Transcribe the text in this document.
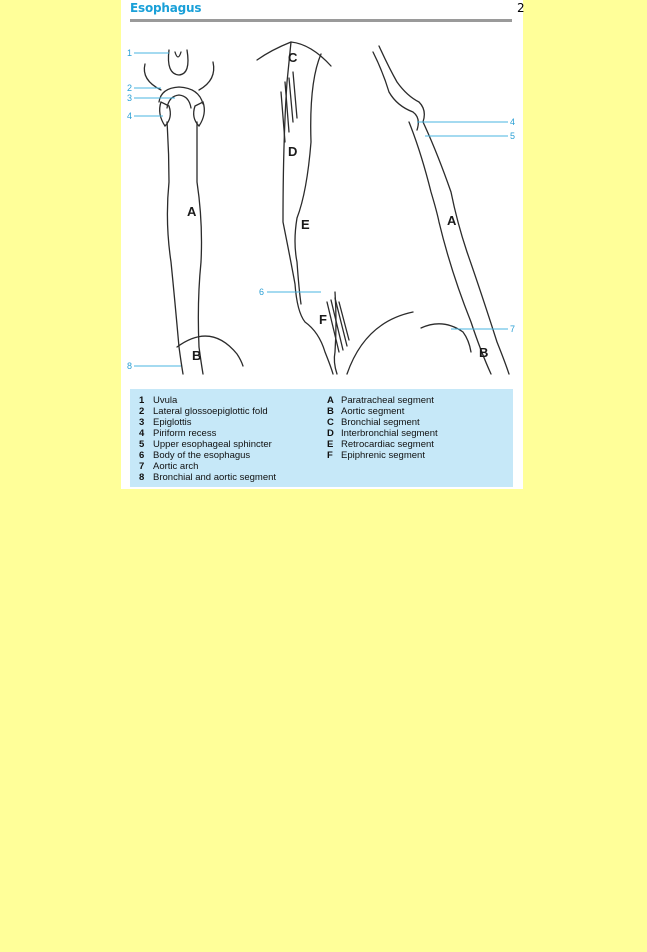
Esophagus	2
1
2
3
4
8
6
4
5
7
A
B
C
D
E
F
A
B
1 Uvula
2 Lateral glossoepiglottic fold
3 Epiglottis
4 Piriform recess
5 Upper esophageal sphincter
6 Body of the esophagus
7 Aortic arch
8 Bronchial and aortic segment
A Paratracheal segment
B Aortic segment
C Bronchial segment
D Interbronchial segment
E Retrocardiac segment
F Epiphrenic segment
